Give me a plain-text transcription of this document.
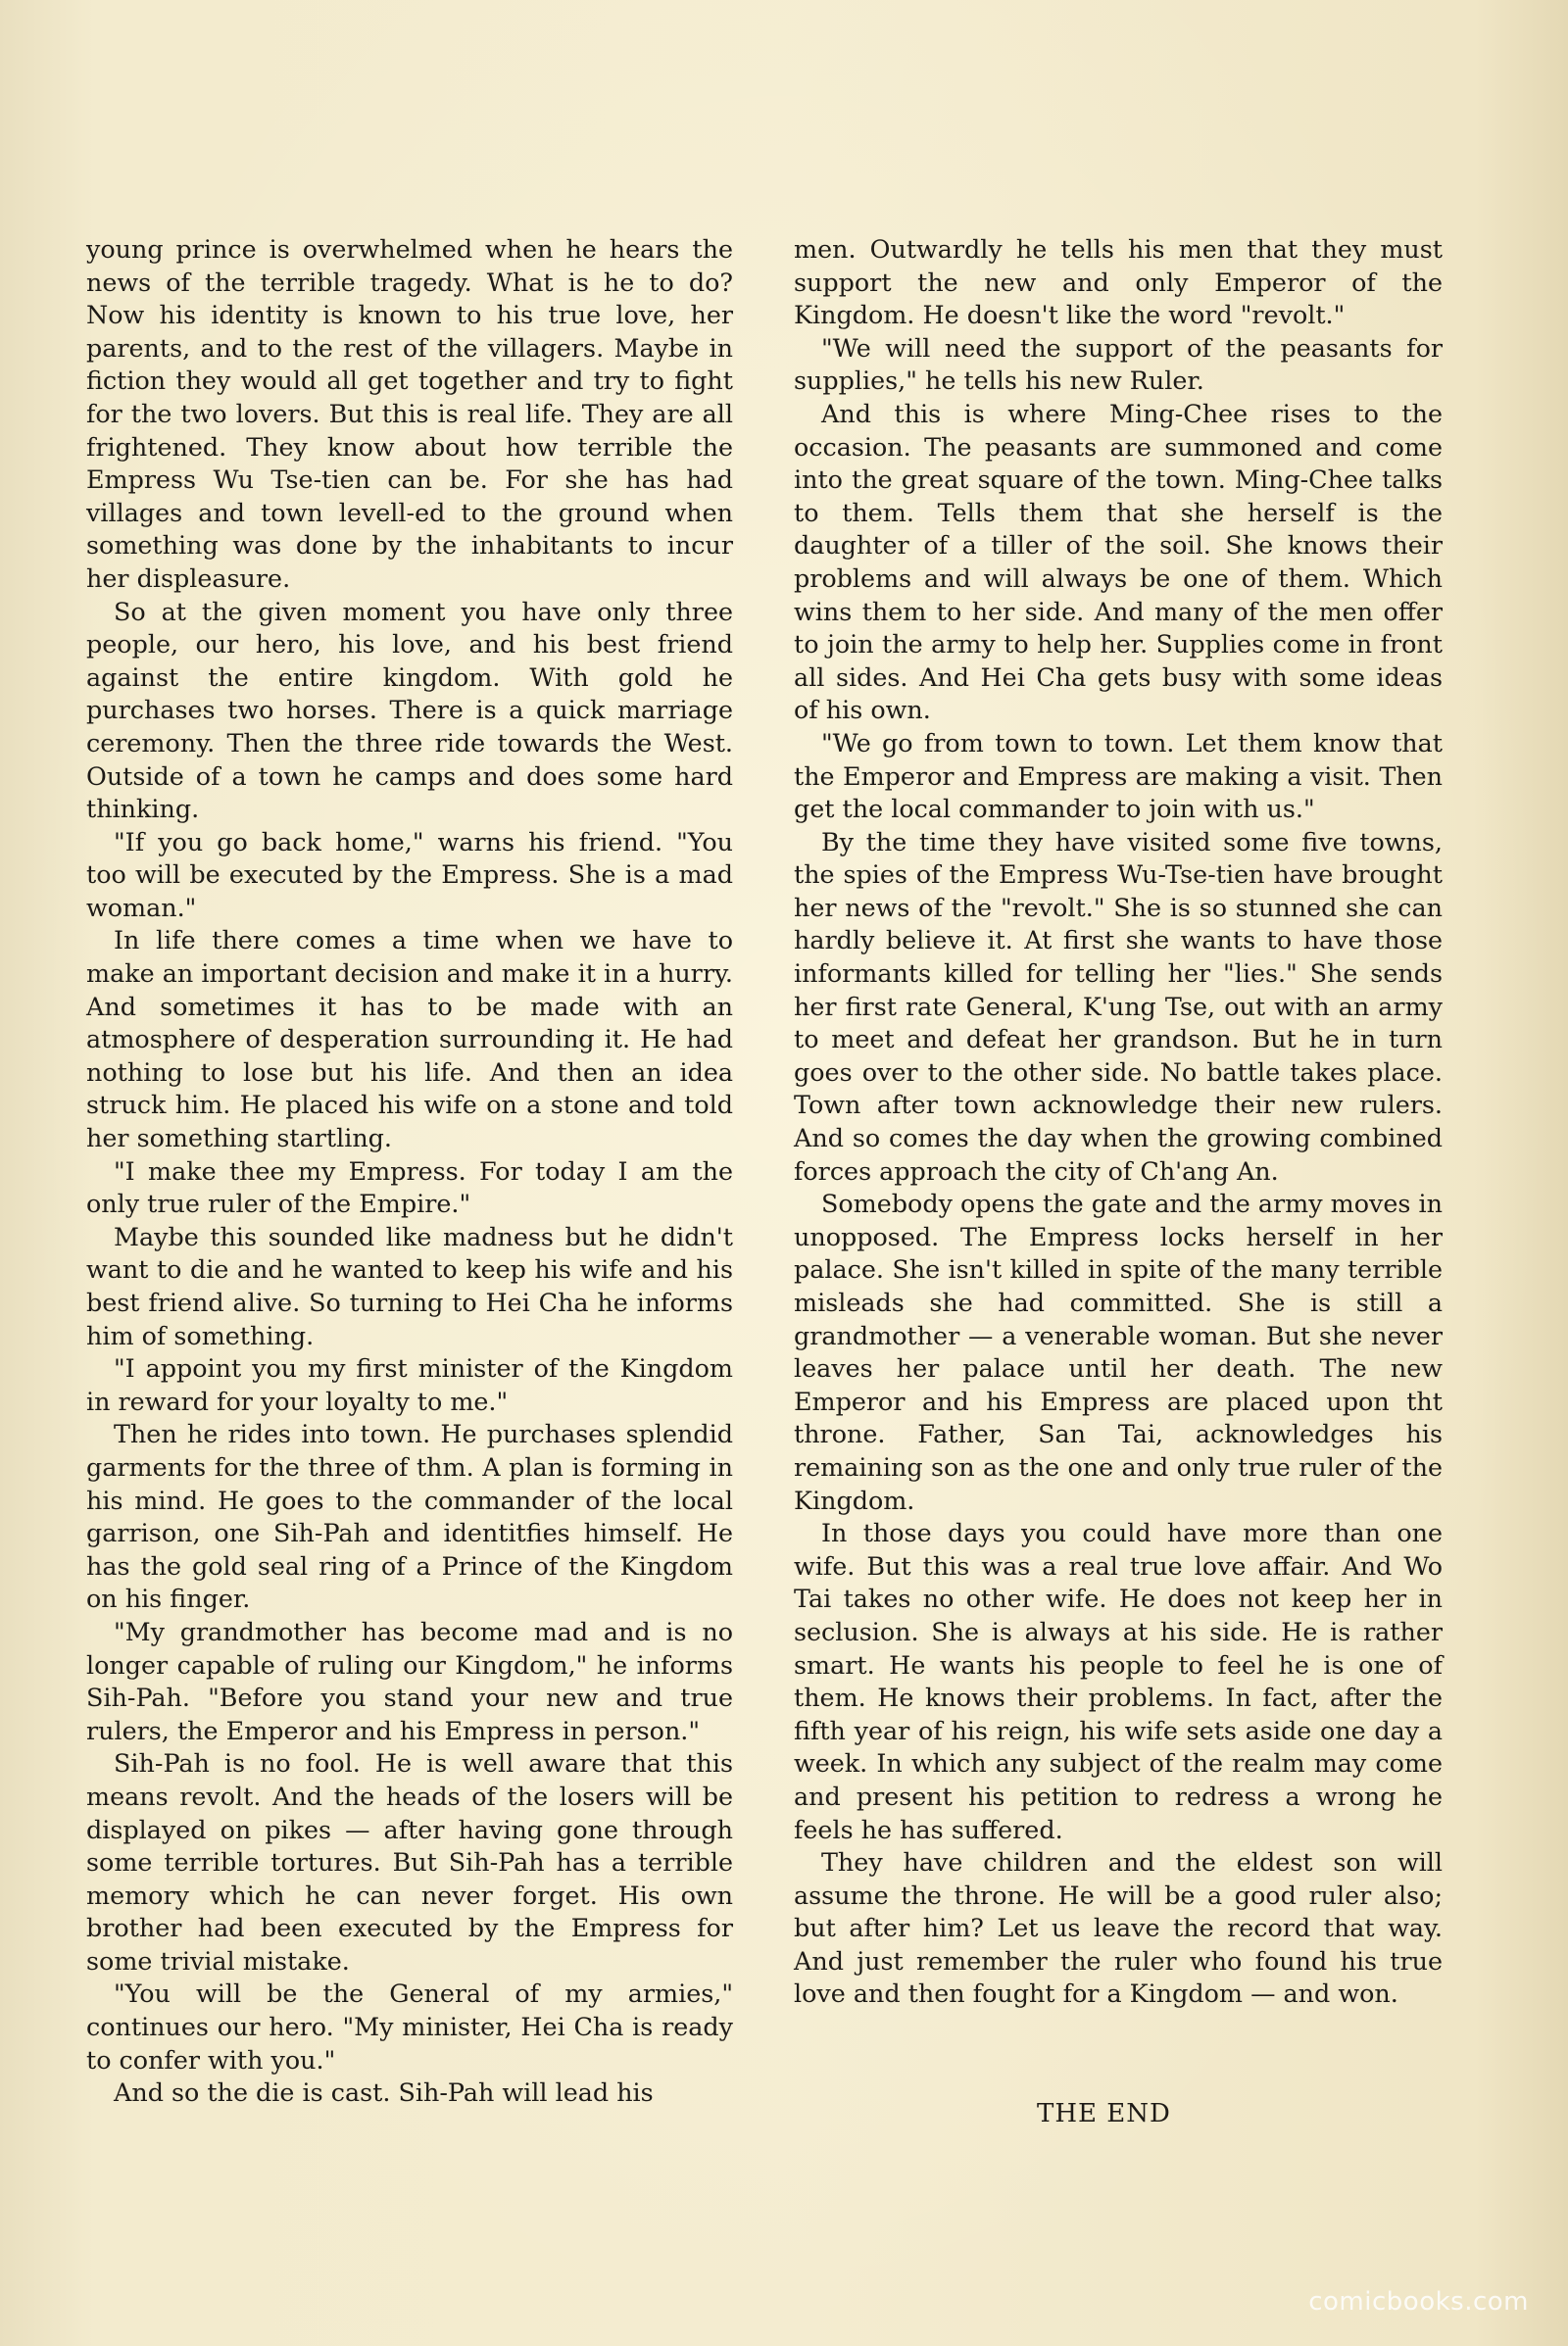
young prince is overwhelmed when he hears the news of the terrible tragedy. What is he to do? Now his identity is known to his true love, her parents, and to the rest of the villagers. Maybe in fiction they would all get together and try to fight for the two lovers. But this is real life. They are all frightened. They know about how terrible the Empress Wu Tse-tien can be. For she has had villages and town levell-ed to the ground when something was done by the inhabitants to incur her displeasure.

So at the given moment you have only three people, our hero, his love, and his best friend against the entire kingdom. With gold he purchases two horses. There is a quick marriage ceremony. Then the three ride towards the West. Outside of a town he camps and does some hard thinking.

"If you go back home," warns his friend. "You too will be executed by the Empress. She is a mad woman."

In life there comes a time when we have to make an important decision and make it in a hurry. And sometimes it has to be made with an atmosphere of desperation surrounding it. He had nothing to lose but his life. And then an idea struck him. He placed his wife on a stone and told her something startling.

"I make thee my Empress. For today I am the only true ruler of the Empire."

Maybe this sounded like madness but he didn't want to die and he wanted to keep his wife and his best friend alive. So turning to Hei Cha he informs him of something.

"I appoint you my first minister of the Kingdom in reward for your loyalty to me."

Then he rides into town. He purchases splendid garments for the three of thm. A plan is forming in his mind. He goes to the commander of the local garrison, one Sih-Pah and identitfies himself. He has the gold seal ring of a Prince of the Kingdom on his finger.

"My grandmother has become mad and is no longer capable of ruling our Kingdom," he informs Sih-Pah. "Before you stand your new and true rulers, the Emperor and his Empress in person."

Sih-Pah is no fool. He is well aware that this means revolt. And the heads of the losers will be displayed on pikes — after having gone through some terrible tortures. But Sih-Pah has a terrible memory which he can never forget. His own brother had been executed by the Empress for some trivial mistake.

"You will be the General of my armies," continues our hero. "My minister, Hei Cha is ready to confer with you."

And so the die is cast. Sih-Pah will lead his

men. Outwardly he tells his men that they must support the new and only Emperor of the Kingdom. He doesn't like the word "revolt."

"We will need the support of the peasants for supplies," he tells his new Ruler.

And this is where Ming-Chee rises to the occasion. The peasants are summoned and come into the great square of the town. Ming-Chee talks to them. Tells them that she herself is the daughter of a tiller of the soil. She knows their problems and will always be one of them. Which wins them to her side. And many of the men offer to join the army to help her. Supplies come in front all sides. And Hei Cha gets busy with some ideas of his own.

"We go from town to town. Let them know that the Emperor and Empress are making a visit. Then get the local commander to join with us."

By the time they have visited some five towns, the spies of the Empress Wu-Tse-tien have brought her news of the "revolt." She is so stunned she can hardly believe it. At first she wants to have those informants killed for telling her "lies." She sends her first rate General, K'ung Tse, out with an army to meet and defeat her grandson. But he in turn goes over to the other side. No battle takes place. Town after town acknowledge their new rulers. And so comes the day when the growing combined forces approach the city of Ch'ang An.

Somebody opens the gate and the army moves in unopposed. The Empress locks herself in her palace. She isn't killed in spite of the many terrible misleads she had committed. She is still a grandmother — a venerable woman. But she never leaves her palace until her death. The new Emperor and his Empress are placed upon tht throne. Father, San Tai, acknowledges his remaining son as the one and only true ruler of the Kingdom.

In those days you could have more than one wife. But this was a real true love affair. And Wo Tai takes no other wife. He does not keep her in seclusion. She is always at his side. He is rather smart. He wants his people to feel he is one of them. He knows their problems. In fact, after the fifth year of his reign, his wife sets aside one day a week. In which any subject of the realm may come and present his petition to redress a wrong he feels he has suffered.

They have children and the eldest son will assume the throne. He will be a good ruler also; but after him? Let us leave the record that way. And just remember the ruler who found his true love and then fought for a Kingdom — and won.

THE END
comicbooks.com
